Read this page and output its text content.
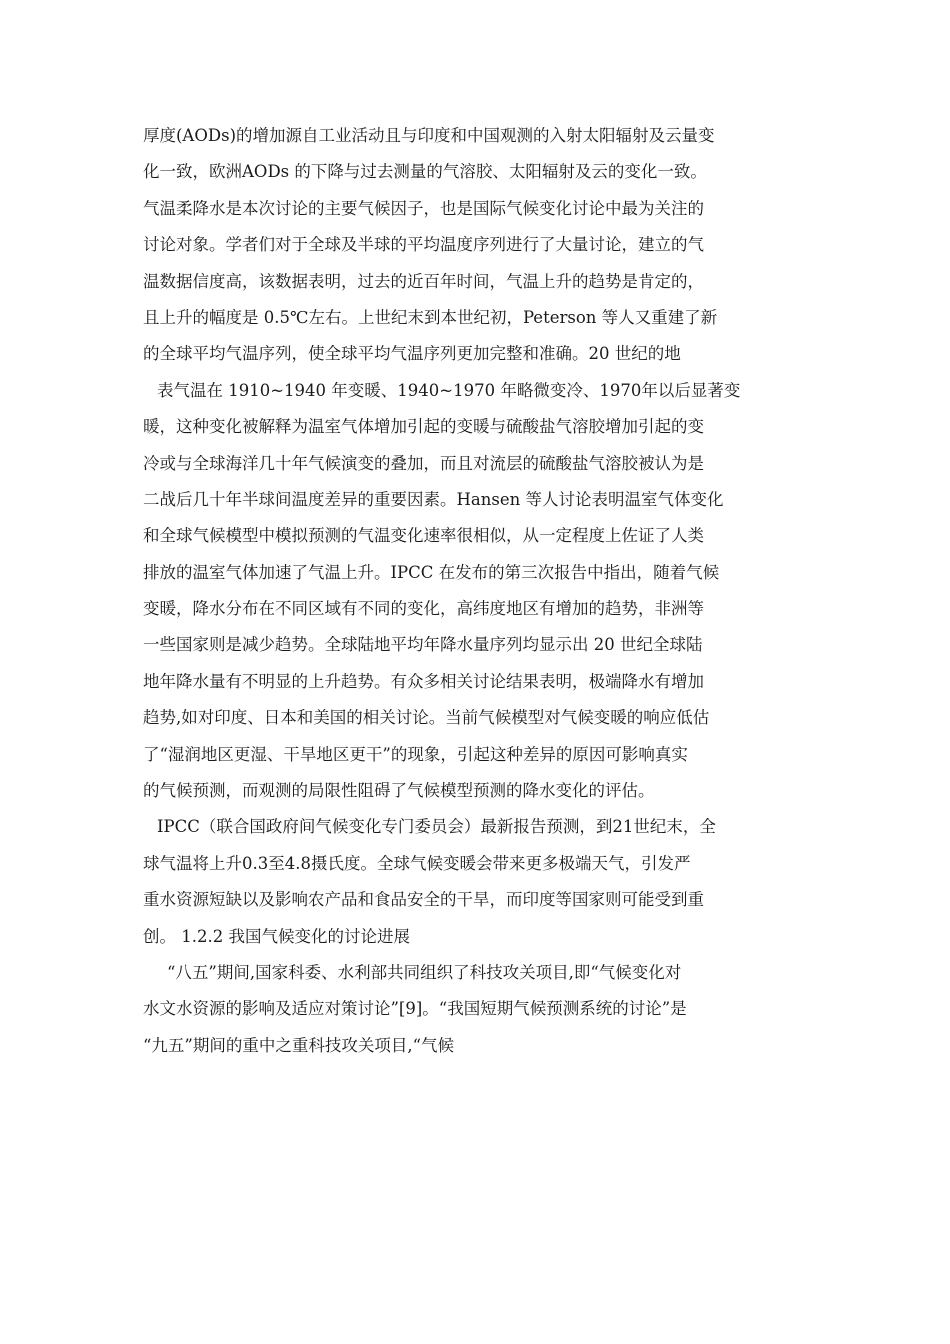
厚度(AODs)的增加源自工业活动且与印度和中国观测的入射太阳辐射及云量变
化一致，欧洲AODs 的下降与过去测量的气溶胶、太阳辐射及云的变化一致。
气温柔降水是本次讨论的主要气候因子，也是国际气候变化讨论中最为关注的
讨论对象。学者们对于全球及半球的平均温度序列进行了大量讨论，建立的气
温数据信度高，该数据表明，过去的近百年时间，气温上升的趋势是肯定的，
且上升的幅度是 0.5℃左右。上世纪末到本世纪初，Peterson 等人又重建了新
的全球平均气温序列，使全球平均气温序列更加完整和准确。20 世纪的地
表气温在 1910~1940 年变暖、1940~1970 年略微变冷、1970年以后显著变
暖，这种变化被解释为温室气体增加引起的变暖与硫酸盐气溶胶增加引起的变
冷或与全球海洋几十年气候演变的叠加，而且对流层的硫酸盐气溶胶被认为是
二战后几十年半球间温度差异的重要因素。Hansen 等人讨论表明温室气体变化
和全球气候模型中模拟预测的气温变化速率很相似，从一定程度上佐证了人类
排放的温室气体加速了气温上升。IPCC 在发布的第三次报告中指出，随着气候
变暖，降水分布在不同区域有不同的变化，高纬度地区有增加的趋势，非洲等
一些国家则是减少趋势。全球陆地平均年降水量序列均显示出 20 世纪全球陆
地年降水量有不明显的上升趋势。有众多相关讨论结果表明，极端降水有增加
趋势,如对印度、日本和美国的相关讨论。当前气候模型对气候变暖的响应低估
了“湿润地区更湿、干旱地区更干”的现象，引起这种差异的原因可影响真实
的气候预测，而观测的局限性阻碍了气候模型预测的降水变化的评估。
IPCC（联合国政府间气候变化专门委员会）最新报告预测，到21世纪末，全
球气温将上升0.3至4.8摄氏度。全球气候变暖会带来更多极端天气，引发严
重水资源短缺以及影响农产品和食品安全的干旱，而印度等国家则可能受到重
创。 1.2.2 我国气候变化的讨论进展
“八五”期间,国家科委、水利部共同组织了科技攻关项目,即“气候变化对
水文水资源的影响及适应对策讨论”[9]。“我国短期气候预测系统的讨论”是
“九五”期间的重中之重科技攻关项目,“气候
